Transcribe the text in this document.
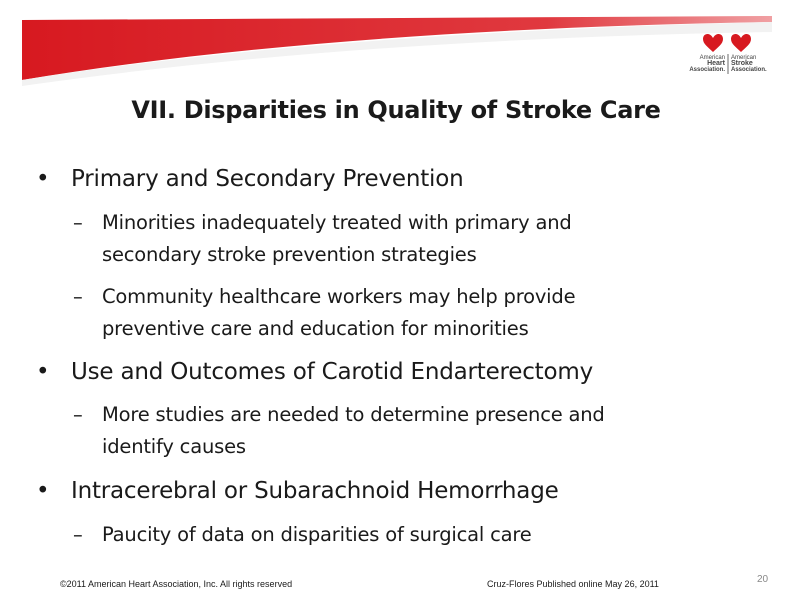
American
Heart
Association.
American
Stroke
Association.
VII. Disparities in Quality of Stroke Care
• Primary and Secondary Prevention
– Minorities inadequately treated with primary and
secondary stroke prevention strategies
– Community healthcare workers may help provide
preventive care and education for minorities
• Use and Outcomes of Carotid Endarterectomy
– More studies are needed to determine presence and
identify causes
• Intracerebral or Subarachnoid Hemorrhage
– Paucity of data on disparities of surgical care
©2011 American Heart Association, Inc. All rights reserved	Cruz-Flores Published online May 26, 2011	20
